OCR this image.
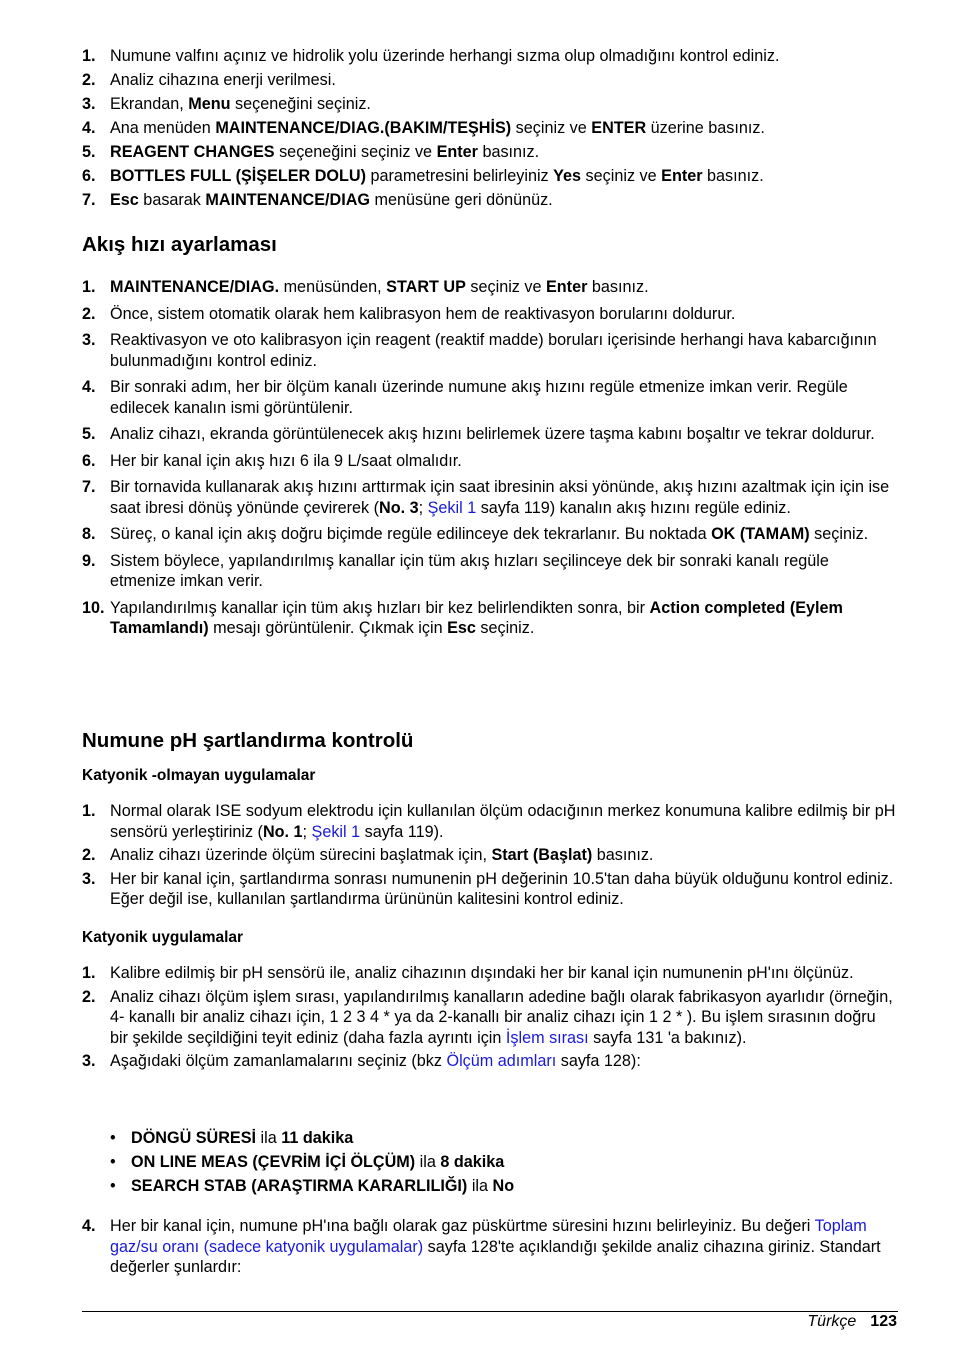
1. Numune valfını açınız ve hidrolik yolu üzerinde herhangi sızma olup olmadığını kontrol ediniz.
2. Analiz cihazına enerji verilmesi.
3. Ekrandan, Menu seçeneğini seçiniz.
4. Ana menüden MAINTENANCE/DIAG.(BAKIM/TEŞHİS) seçiniz ve ENTER üzerine basınız.
5. REAGENT CHANGES seçeneğini seçiniz ve Enter basınız.
6. BOTTLES FULL (ŞİŞELER DOLU) parametresini belirleyiniz Yes seçiniz ve Enter basınız.
7. Esc basarak MAINTENANCE/DIAG menüsüne geri dönünüz.
Akış hızı ayarlaması
1. MAINTENANCE/DIAG. menüsünden, START UP seçiniz ve Enter basınız.
2. Önce, sistem otomatik olarak hem kalibrasyon hem de reaktivasyon borularını doldurur.
3. Reaktivasyon ve oto kalibrasyon için reagent (reaktif madde) boruları içerisinde herhangi hava kabarcığının bulunmadığını kontrol ediniz.
4. Bir sonraki adım, her bir ölçüm kanalı üzerinde numune akış hızını regüle etmenize imkan verir. Regüle edilecek kanalın ismi görüntülenir.
5. Analiz cihazı, ekranda görüntülenecek akış hızını belirlemek üzere taşma kabını boşaltır ve tekrar doldurur.
6. Her bir kanal için akış hızı 6 ila 9 L/saat olmalıdır.
7. Bir tornavida kullanarak akış hızını arttırmak için saat ibresinin aksi yönünde, akış hızını azaltmak için için ise saat ibresi dönüş yönünde çevirerek (No. 3; Şekil 1 sayfa 119) kanalın akış hızını regüle ediniz.
8. Süreç, o kanal için akış doğru biçimde regüle edilinceye dek tekrarlanır. Bu noktada OK (TAMAM) seçiniz.
9. Sistem böylece, yapılandırılmış kanallar için tüm akış hızları seçilinceye dek bir sonraki kanalı regüle etmenize imkan verir.
10. Yapılandırılmış kanallar için tüm akış hızları bir kez belirlendikten sonra, bir Action completed (Eylem Tamamlandı) mesajı görüntülenir. Çıkmak için Esc seçiniz.
Numune pH şartlandırma kontrolü
Katyonik -olmayan uygulamalar
1. Normal olarak ISE sodyum elektrodu için kullanılan ölçüm odacığının merkez konumuna kalibre edilmiş bir pH sensörü yerleştiriniz (No. 1; Şekil 1 sayfa 119).
2. Analiz cihazı üzerinde ölçüm sürecini başlatmak için, Start (Başlat) basınız.
3. Her bir kanal için, şartlandırma sonrası numunenin pH değerinin 10.5'tan daha büyük olduğunu kontrol ediniz. Eğer değil ise, kullanılan şartlandırma ürününün kalitesini kontrol ediniz.
Katyonik uygulamalar
1. Kalibre edilmiş bir pH sensörü ile, analiz cihazının dışındaki her bir kanal için numunenin pH'ını ölçünüz.
2. Analiz cihazı ölçüm işlem sırası, yapılandırılmış kanalların adedine bağlı olarak fabrikasyon ayarlıdır (örneğin, 4- kanallı bir analiz cihazı için, 1 2 3 4 * ya da 2-kanallı bir analiz cihazı için 1 2 * ). Bu işlem sırasının doğru bir şekilde seçildiğini teyit ediniz (daha fazla ayrıntı için İşlem sırası sayfa 131 'a bakınız).
3. Aşağıdaki ölçüm zamanlamalarını seçiniz (bkz Ölçüm adımları sayfa 128):
• DÖNGÜ SÜRESİ ila 11 dakika
• ON LINE MEAS (ÇEVRİM İÇİ ÖLÇÜM) ila 8 dakika
• SEARCH STAB (ARAŞTIRMA KARARLILIĞI) ila No
4. Her bir kanal için, numune pH'ına bağlı olarak gaz püskürtme süresini hızını belirleyiniz. Bu değeri Toplam gaz/su oranı (sadece katyonik uygulamalar) sayfa 128'te açıklandığı şekilde analiz cihazına giriniz. Standart değerler şunlardır:
Türkçe 123
